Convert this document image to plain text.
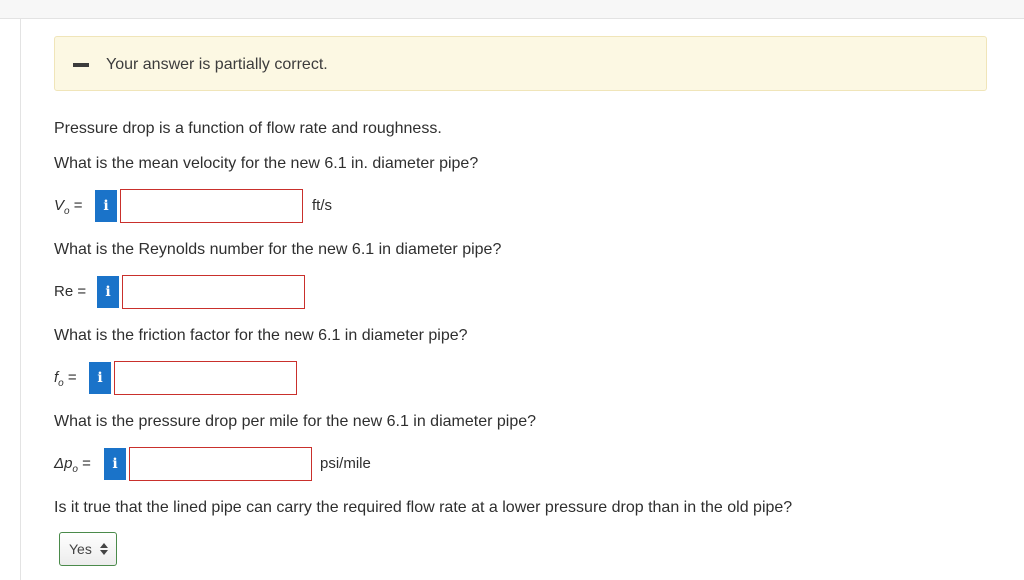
Your answer is partially correct.
Pressure drop is a function of flow rate and roughness.
What is the mean velocity for the new 6.1 in. diameter pipe?
$V_o$ =	i	ft/s
What is the Reynolds number for the new 6.1 in diameter pipe?
Re =	i
What is the friction factor for the new 6.1 in diameter pipe?
$f_o$ =	i
What is the pressure drop per mile for the new 6.1 in diameter pipe?
$\Delta p_o$ =	i	psi/mile
Is it true that the lined pipe can carry the required flow rate at a lower pressure drop than in the old pipe?
Yes
